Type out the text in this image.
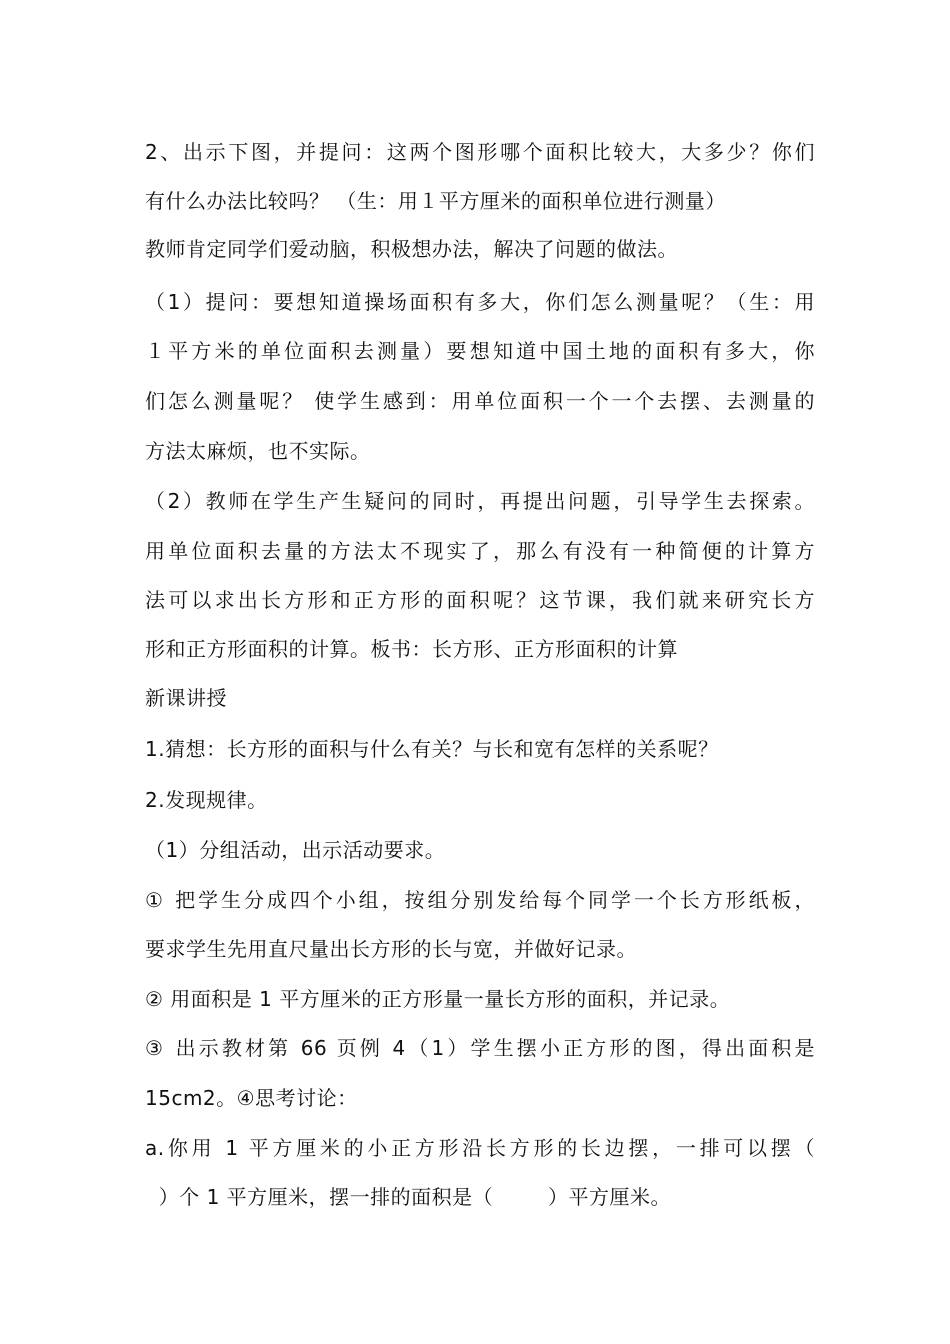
2、出示下图，并提问：这两个图形哪个面积比较大，大多少？你们
有什么办法比较吗？ （生：用１平方厘米的面积单位进行测量）
教师肯定同学们爱动脑，积极想办法，解决了问题的做法。
（1）提问：要想知道操场面积有多大，你们怎么测量呢？（生：用
１平方米的单位面积去测量）要想知道中国土地的面积有多大，你
们怎么测量呢？ 使学生感到：用单位面积一个一个去摆、去测量的
方法太麻烦，也不实际。
（2）教师在学生产生疑问的同时，再提出问题，引导学生去探索。
用单位面积去量的方法太不现实了，那么有没有一种简便的计算方
法可以求出长方形和正方形的面积呢？这节课，我们就来研究长方
形和正方形面积的计算。板书：长方形、正方形面积的计算
新课讲授
1.猜想：长方形的面积与什么有关？与长和宽有怎样的关系呢？
2.发现规律。
（1）分组活动，出示活动要求。
① 把学生分成四个小组，按组分别发给每个同学一个长方形纸板，
要求学生先用直尺量出长方形的长与宽，并做好记录。
② 用面积是 1 平方厘米的正方形量一量长方形的面积，并记录。
③ 出示教材第 66 页例 4（1）学生摆小正方形的图，得出面积是
15cm2。④思考讨论：
a.你用 1 平方厘米的小正方形沿长方形的长边摆，一排可以摆（
）个 1 平方厘米，摆一排的面积是（        ）平方厘米。
